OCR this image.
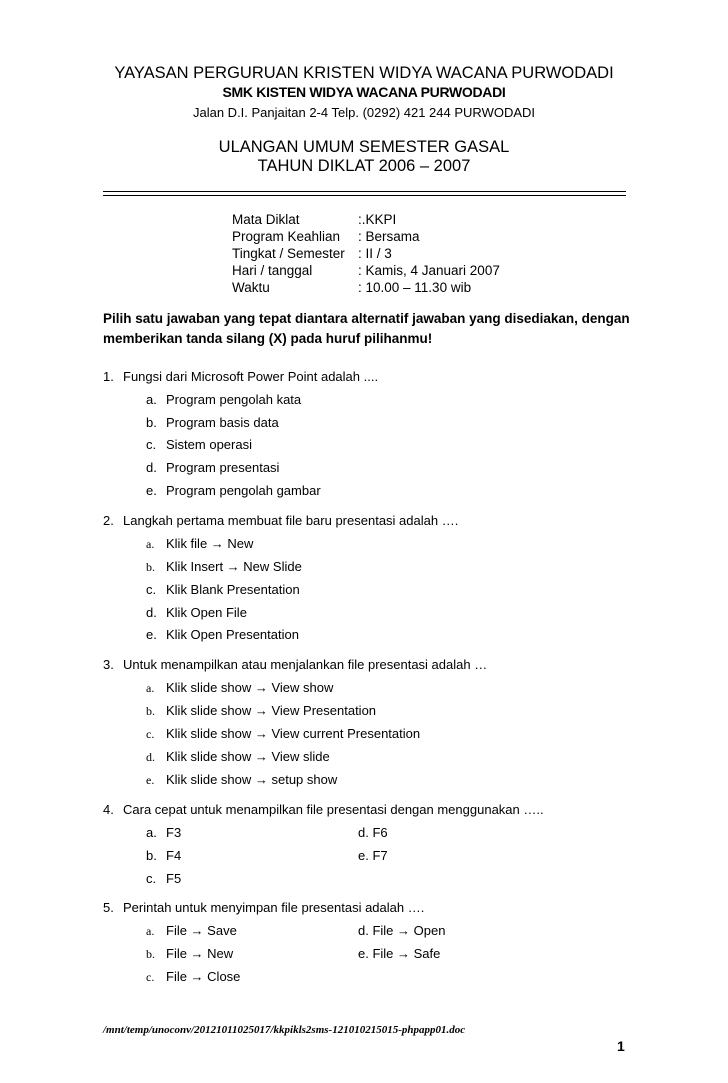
YAYASAN PERGURUAN KRISTEN WIDYA WACANA PURWODADI
SMK KISTEN WIDYA WACANA PURWODADI
Jalan D.I. Panjaitan 2-4 Telp. (0292) 421 244 PURWODADI
ULANGAN UMUM SEMESTER GASAL
TAHUN DIKLAT 2006 – 2007
Mata Diklat	:.KKPI
Program Keahlian : Bersama
Tingkat / Semester : II / 3
Hari / tanggal	: Kamis, 4 Januari 2007
Waktu	: 10.00 – 11.30 wib
Pilih satu jawaban yang tepat diantara alternatif jawaban yang disediakan, dengan memberikan tanda silang (X) pada huruf pilihanmu!
1. Fungsi dari Microsoft Power Point adalah ....
a. Program pengolah kata
b. Program basis data
c. Sistem operasi
d. Program presentasi
e. Program pengolah gambar
2. Langkah pertama membuat file baru presentasi adalah ….
a. Klik file → New
b. Klik Insert → New Slide
c. Klik Blank Presentation
d. Klik Open File
e. Klik Open Presentation
3. Untuk menampilkan atau menjalankan file presentasi adalah …
a. Klik slide show → View show
b. Klik slide show → View Presentation
c. Klik slide show → View current Presentation
d. Klik slide show → View slide
e. Klik slide show → setup show
4. Cara cepat untuk menampilkan file presentasi dengan menggunakan …..
a. F3	d. F6
b. F4	e. F7
c. F5
5. Perintah untuk menyimpan file presentasi adalah ….
a. File → Save	d. File → Open
b. File → New	e. File → Safe
c. File → Close
/mnt/temp/unoconv/20121011025017/kkpikls2sms-121010215015-phpapp01.doc
1
